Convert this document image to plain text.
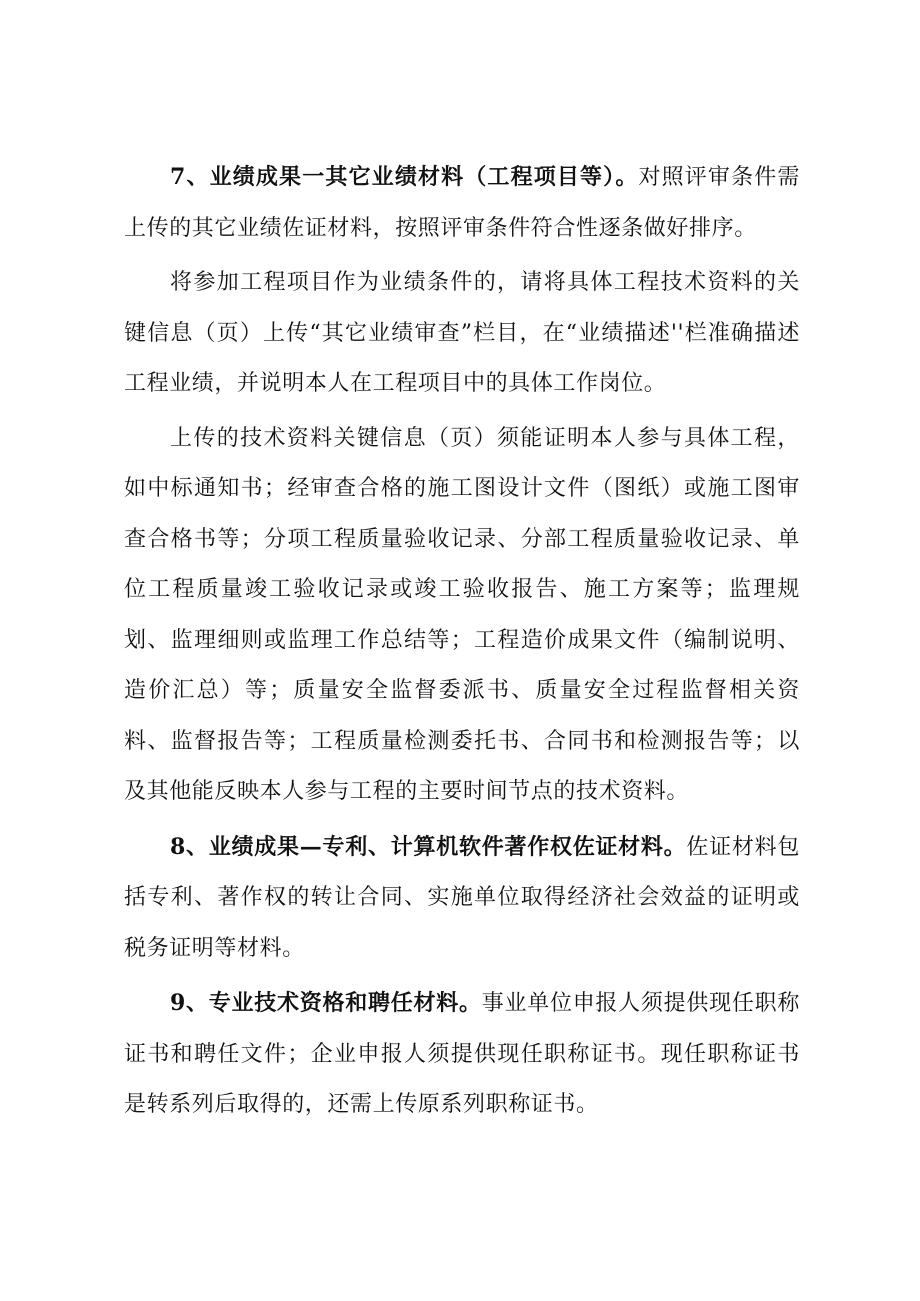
7、业绩成果一其它业绩材料（工程项目等）。对照评审条件需上传的其它业绩佐证材料，按照评审条件符合性逐条做好排序。

将参加工程项目作为业绩条件的，请将具体工程技术资料的关键信息（页）上传“其它业绩审查”栏目，在“业绩描述''栏准确描述工程业绩，并说明本人在工程项目中的具体工作岗位。

上传的技术资料关键信息（页）须能证明本人参与具体工程，如中标通知书；经审查合格的施工图设计文件（图纸）或施工图审查合格书等；分项工程质量验收记录、分部工程质量验收记录、单位工程质量竣工验收记录或竣工验收报告、施工方案等；监理规划、监理细则或监理工作总结等；工程造价成果文件（编制说明、造价汇总）等；质量安全监督委派书、质量安全过程监督相关资料、监督报告等；工程质量检测委托书、合同书和检测报告等；以及其他能反映本人参与工程的主要时间节点的技术资料。

8、业绩成果—专利、计算机软件著作权佐证材料。佐证材料包括专利、著作权的转让合同、实施单位取得经济社会效益的证明或税务证明等材料。

9、专业技术资格和聘任材料。事业单位申报人须提供现任职称证书和聘任文件；企业申报人须提供现任职称证书。现任职称证书是转系列后取得的，还需上传原系列职称证书。
